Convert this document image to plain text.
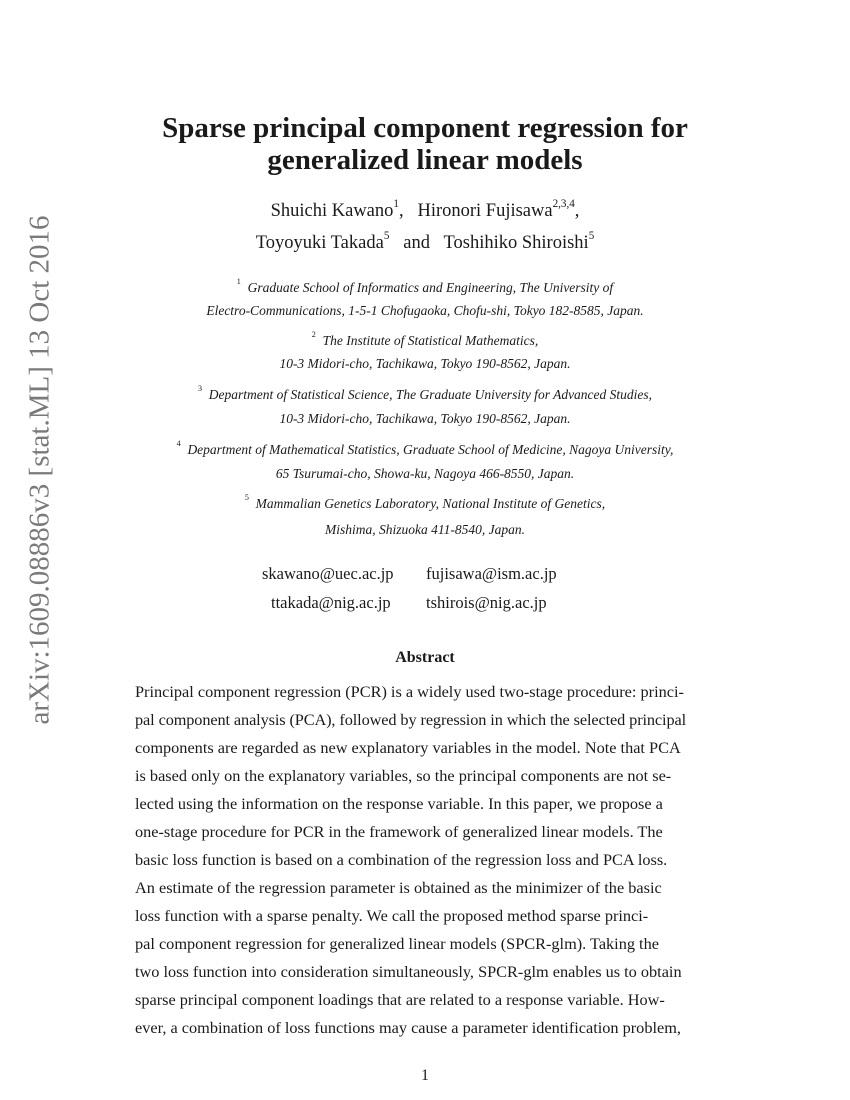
arXiv:1609.08886v3 [stat.ML] 13 Oct 2016
Sparse principal component regression for
generalized linear models
Shuichi Kawano$^1$,   Hironori Fujisawa$^{2,3,4}$,
Toyoyuki Takada$^5$ and Toshihiko Shiroishi$^5$
$^1$ Graduate School of Informatics and Engineering, The University of
Electro-Communications, 1-5-1 Chofugaoka, Chofu-shi, Tokyo 182-8585, Japan.
$^2$ The Institute of Statistical Mathematics,
10-3 Midori-cho, Tachikawa, Tokyo 190-8562, Japan.
$^3$ Department of Statistical Science, The Graduate University for Advanced Studies,
10-3 Midori-cho, Tachikawa, Tokyo 190-8562, Japan.
$^4$ Department of Mathematical Statistics, Graduate School of Medicine, Nagoya University,
65 Tsurumai-cho, Showa-ku, Nagoya 466-8550, Japan.
$^5$ Mammalian Genetics Laboratory, National Institute of Genetics,
Mishima, Shizuoka 411-8540, Japan.
skawano@uec.ac.jp fujisawa@ism.ac.jp
ttakada@nig.ac.jp tshirois@nig.ac.jp
Abstract
Principal component regression (PCR) is a widely used two-stage procedure: princi-
pal component analysis (PCA), followed by regression in which the selected principal
components are regarded as new explanatory variables in the model. Note that PCA
is based only on the explanatory variables, so the principal components are not se-
lected using the information on the response variable. In this paper, we propose a
one-stage procedure for PCR in the framework of generalized linear models. The
basic loss function is based on a combination of the regression loss and PCA loss.
An estimate of the regression parameter is obtained as the minimizer of the basic
loss function with a sparse penalty. We call the proposed method sparse princi-
pal component regression for generalized linear models (SPCR-glm). Taking the
two loss function into consideration simultaneously, SPCR-glm enables us to obtain
sparse principal component loadings that are related to a response variable. How-
ever, a combination of loss functions may cause a parameter identification problem,
1
